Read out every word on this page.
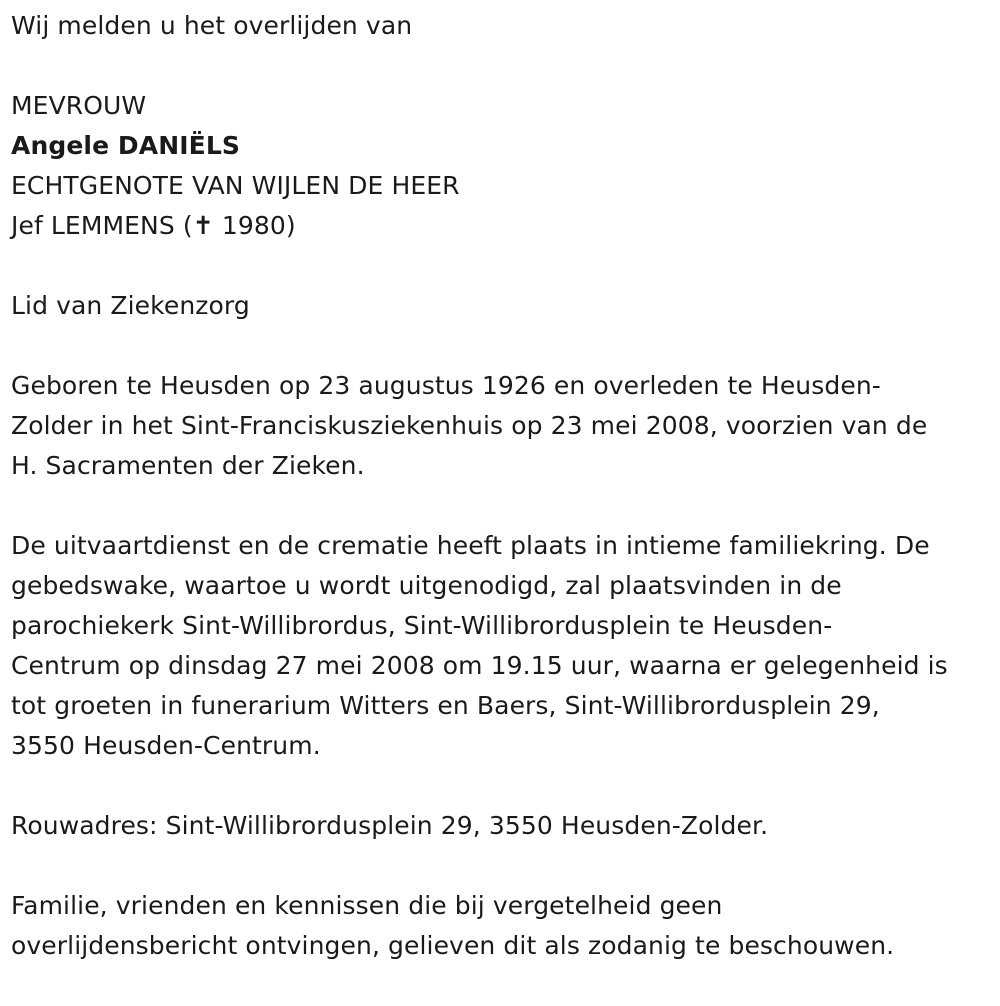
Wij melden u het overlijden van

MEVROUW

Angele DANIËLS

ECHTGENOTE VAN WIJLEN DE HEER

Jef LEMMENS (✝ 1980)

Lid van Ziekenzorg

Geboren te Heusden op 23 augustus 1926 en overleden te Heusden-

Zolder in het Sint-Franciskusziekenhuis op 23 mei 2008, voorzien van de

H. Sacramenten der Zieken.

De uitvaartdienst en de crematie heeft plaats in intieme familiekring. De

gebedswake, waartoe u wordt uitgenodigd, zal plaatsvinden in de

parochiekerk Sint-Willibrordus, Sint-Willibrordusplein te Heusden-

Centrum op dinsdag 27 mei 2008 om 19.15 uur, waarna er gelegenheid is

tot groeten in funerarium Witters en Baers, Sint-Willibrordusplein 29,

3550 Heusden-Centrum.

Rouwadres: Sint-Willibrordusplein 29, 3550 Heusden-Zolder.

Familie, vrienden en kennissen die bij vergetelheid geen

overlijdensbericht ontvingen, gelieven dit als zodanig te beschouwen.
